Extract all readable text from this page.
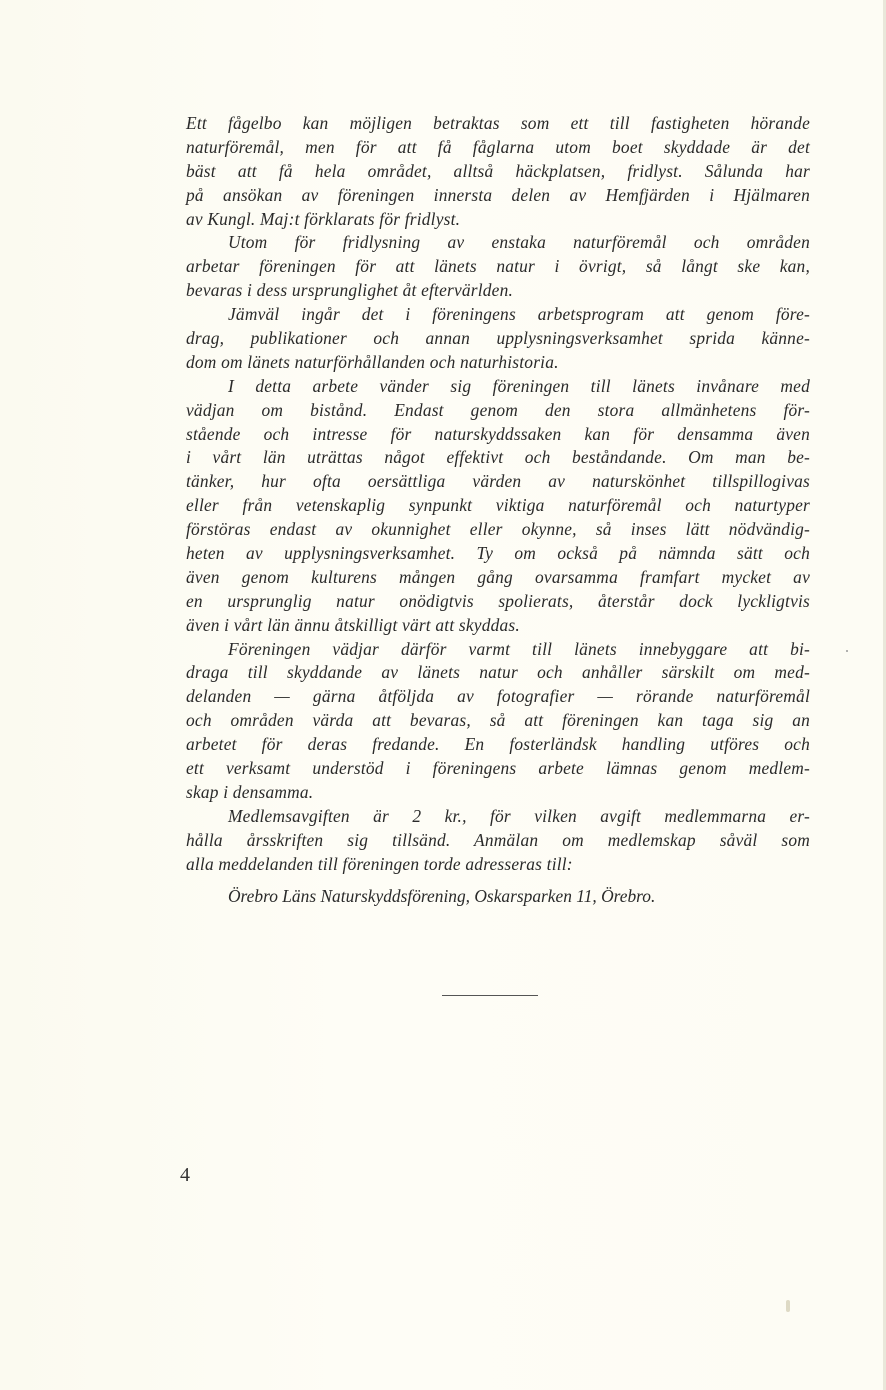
Ett fågelbo kan möjligen betraktas som ett till fastigheten hörande
naturföremål, men för att få fåglarna utom boet skyddade är det
bäst att få hela området, alltså häckplatsen, fridlyst. Sålunda har
på ansökan av föreningen innersta delen av Hemfjärden i Hjälmaren
av Kungl. Maj:t förklarats för fridlyst.
Utom för fridlysning av enstaka naturföremål och områden
arbetar föreningen för att länets natur i övrigt, så långt ske kan,
bevaras i dess ursprunglighet åt eftervärlden.
Jämväl ingår det i föreningens arbetsprogram att genom före-
drag, publikationer och annan upplysningsverksamhet sprida känne-
dom om länets naturförhållanden och naturhistoria.
I detta arbete vänder sig föreningen till länets invånare med
vädjan om bistånd. Endast genom den stora allmänhetens för-
stående och intresse för naturskyddssaken kan för densamma även
i vårt län uträttas något effektivt och beståndande. Om man be-
tänker, hur ofta oersättliga värden av naturskönhet tillspillogivas
eller från vetenskaplig synpunkt viktiga naturföremål och naturtyper
förstöras endast av okunnighet eller okynne, så inses lätt nödvändig-
heten av upplysningsverksamhet. Ty om också på nämnda sätt och
även genom kulturens mången gång ovarsamma framfart mycket av
en ursprunglig natur onödigtvis spolierats, återstår dock lyckligtvis
även i vårt län ännu åtskilligt värt att skyddas.
Föreningen vädjar därför varmt till länets innebyggare att bi-
draga till skyddande av länets natur och anhåller särskilt om med-
delanden — gärna åtföljda av fotografier — rörande naturföremål
och områden värda att bevaras, så att föreningen kan taga sig an
arbetet för deras fredande. En fosterländsk handling utföres och
ett verksamt understöd i föreningens arbete lämnas genom medlem-
skap i densamma.
Medlemsavgiften är 2 kr., för vilken avgift medlemmarna er-
hålla årsskriften sig tillsänd. Anmälan om medlemskap såväl som
alla meddelanden till föreningen torde adresseras till:
Örebro Läns Naturskyddsförening, Oskarsparken 11, Örebro.
4
